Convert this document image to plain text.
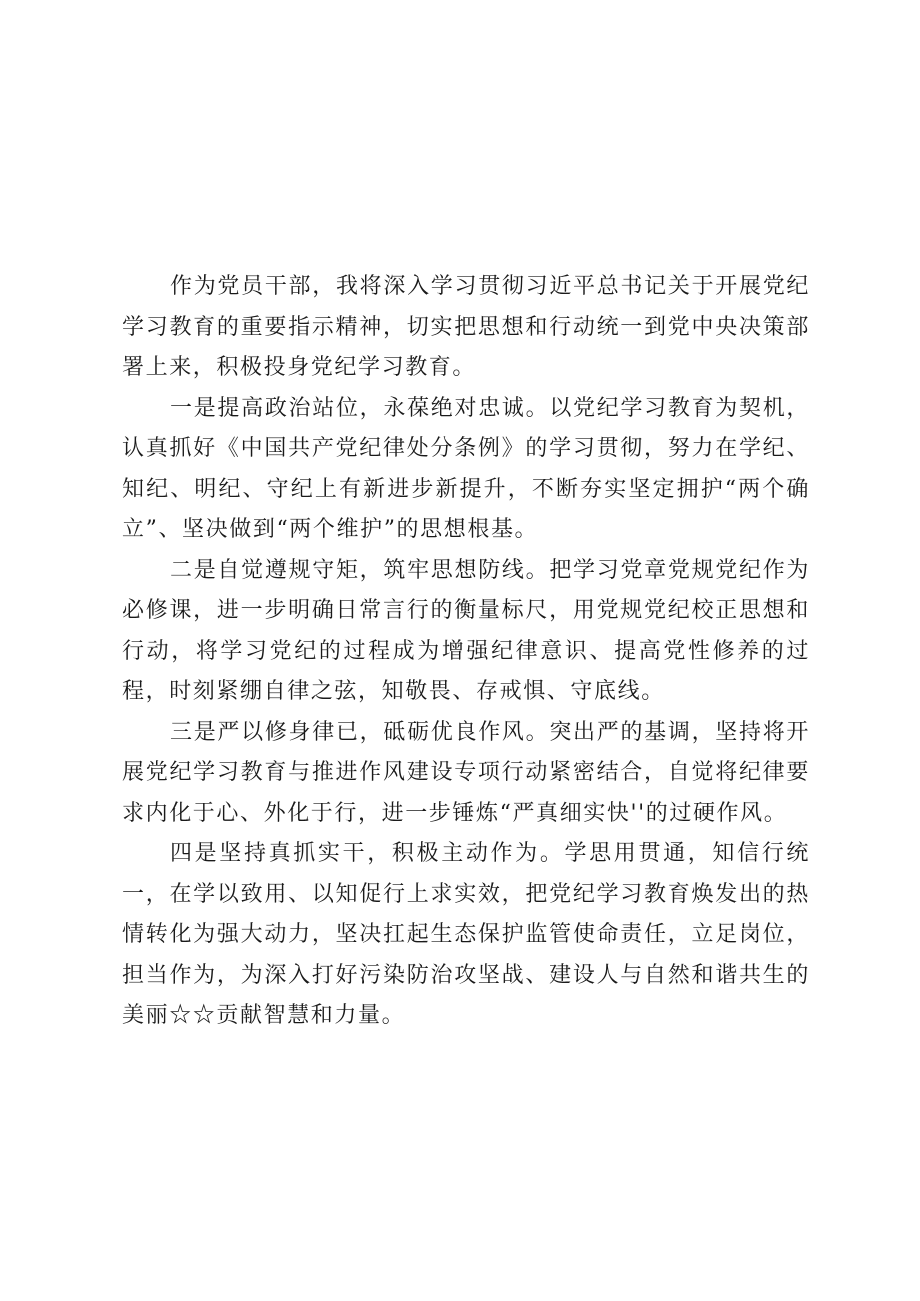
作为党员干部，我将深入学习贯彻习近平总书记关于开展党纪学习教育的重要指示精神，切实把思想和行动统一到党中央决策部署上来，积极投身党纪学习教育。

一是提高政治站位，永葆绝对忠诚。以党纪学习教育为契机，认真抓好《中国共产党纪律处分条例》的学习贯彻，努力在学纪、知纪、明纪、守纪上有新进步新提升，不断夯实坚定拥护“两个确立”、坚决做到“两个维护”的思想根基。

二是自觉遵规守矩，筑牢思想防线。把学习党章党规党纪作为必修课，进一步明确日常言行的衡量标尺，用党规党纪校正思想和行动，将学习党纪的过程成为增强纪律意识、提高党性修养的过程，时刻紧绷自律之弦，知敬畏、存戒惧、守底线。

三是严以修身律已，砥砺优良作风。突出严的基调，坚持将开展党纪学习教育与推进作风建设专项行动紧密结合，自觉将纪律要求内化于心、外化于行，进一步锤炼“严真细实快''的过硬作风。

四是坚持真抓实干，积极主动作为。学思用贯通，知信行统一，在学以致用、以知促行上求实效，把党纪学习教育焕发出的热情转化为强大动力，坚决扛起生态保护监管使命责任，立足岗位，担当作为，为深入打好污染防治攻坚战、建设人与自然和谐共生的美丽☆☆贡献智慧和力量。
